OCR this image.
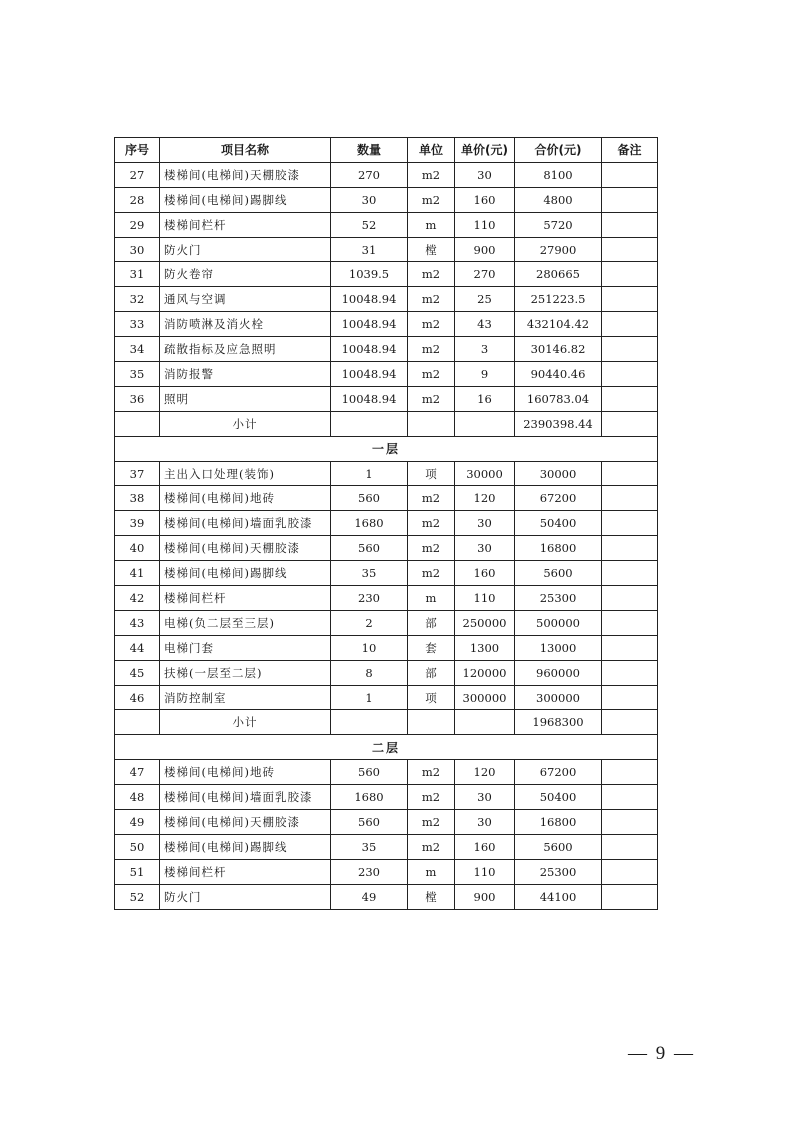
序号	项目名称	数量	单位	单价(元)	合价(元)	备注
27	楼梯间(电梯间)天棚胶漆	270	m2	30	8100	
28	楼梯间(电梯间)踢脚线	30	m2	160	4800	
29	楼梯间栏杆	52	m	110	5720	
30	防火门	31	樘	900	27900	
31	防火卷帘	1039.5	m2	270	280665	
32	通风与空调	10048.94	m2	25	251223.5	
33	消防喷淋及消火栓	10048.94	m2	43	432104.42	
34	疏散指标及应急照明	10048.94	m2	3	30146.82	
35	消防报警	10048.94	m2	9	90440.46	
36	照明	10048.94	m2	16	160783.04	
	小计				2390398.44	
一层						
37	主出入口处理(装饰)	1	项	30000	30000	
38	楼梯间(电梯间)地砖	560	m2	120	67200	
39	楼梯间(电梯间)墙面乳胶漆	1680	m2	30	50400	
40	楼梯间(电梯间)天棚胶漆	560	m2	30	16800	
41	楼梯间(电梯间)踢脚线	35	m2	160	5600	
42	楼梯间栏杆	230	m	110	25300	
43	电梯(负二层至三层)	2	部	250000	500000	
44	电梯门套	10	套	1300	13000	
45	扶梯(一层至二层)	8	部	120000	960000	
46	消防控制室	1	项	300000	300000	
	小计				1968300	
二层						
47	楼梯间(电梯间)地砖	560	m2	120	67200	
48	楼梯间(电梯间)墙面乳胶漆	1680	m2	30	50400	
49	楼梯间(电梯间)天棚胶漆	560	m2	30	16800	
50	楼梯间(电梯间)踢脚线	35	m2	160	5600	
51	楼梯间栏杆	230	m	110	25300	
52	防火门	49	樘	900	44100	
— 9 —
